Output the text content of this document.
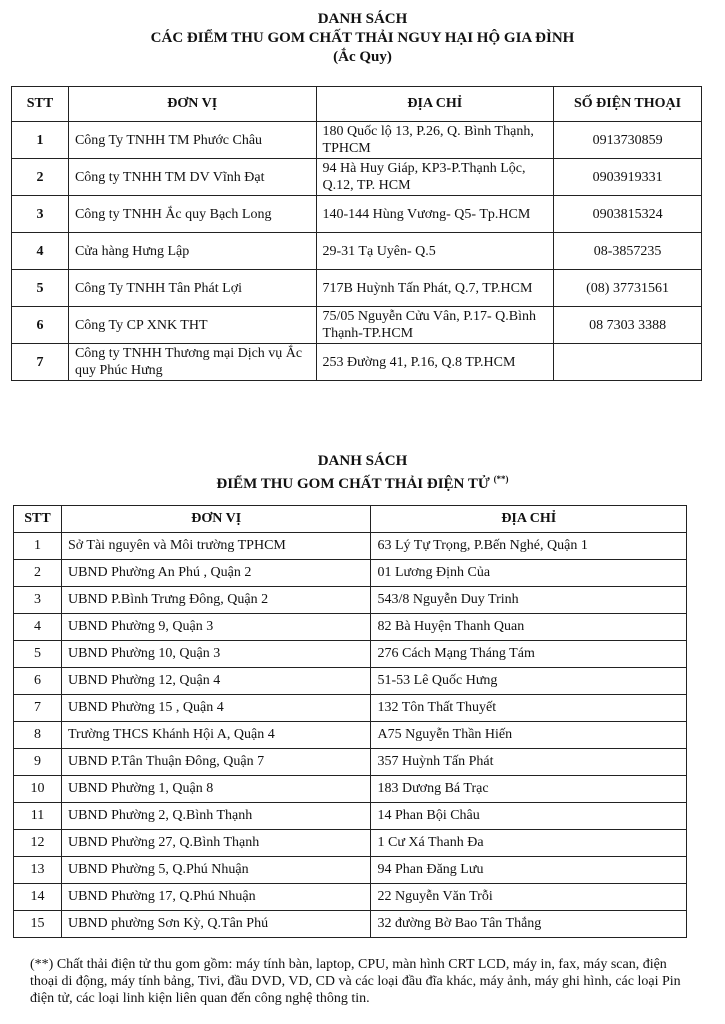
DANH SÁCH
CÁC ĐIỂM THU GOM CHẤT THẢI NGUY HẠI HỘ GIA ĐÌNH
(Ắc Quy)
STT	ĐƠN VỊ	ĐỊA CHỈ	SỐ ĐIỆN THOẠI
1	Công Ty TNHH TM Phước Châu	180 Quốc lộ 13, P.26, Q. Bình Thạnh, TPHCM	0913730859
2	Công ty TNHH TM DV Vĩnh Đạt	94 Hà Huy Giáp, KP3-P.Thạnh Lộc, Q.12, TP. HCM	0903919331
3	Công ty TNHH Ắc quy Bạch Long	140-144 Hùng Vương- Q5- Tp.HCM	0903815324
4	Cửa hàng Hưng Lập	29-31 Tạ Uyên- Q.5	08-3857235
5	Công Ty TNHH Tân Phát Lợi	717B Huỳnh Tấn Phát, Q.7, TP.HCM	(08) 37731561
6	Công Ty CP XNK THT	75/05 Nguyễn Cửu Vân, P.17- Q.Bình Thạnh-TP.HCM	08 7303 3388
7	Công ty TNHH Thương mại Dịch vụ Ắc quy Phúc Hưng	253 Đường 41, P.16, Q.8 TP.HCM	
DANH SÁCH
ĐIỂM THU GOM CHẤT THẢI ĐIỆN TỬ (**)
STT	ĐƠN VỊ	ĐỊA CHỈ
1	Sở Tài nguyên và Môi trường TPHCM	63 Lý Tự Trọng, P.Bến Nghé, Quận 1
2	UBND Phường An Phú , Quận 2	01 Lương Định Của
3	UBND P.Bình Trưng Đông, Quận 2	543/8 Nguyễn Duy Trinh
4	UBND Phường 9, Quận 3	82 Bà Huyện Thanh Quan
5	UBND Phường 10, Quận 3	276 Cách Mạng Tháng Tám
6	UBND Phường 12, Quận 4	51-53 Lê Quốc Hưng
7	UBND Phường 15 , Quận 4	132 Tôn Thất Thuyết
8	Trường THCS Khánh Hội A, Quận 4	A75 Nguyễn Thần Hiến
9	UBND P.Tân Thuận Đông, Quận 7	357 Huỳnh Tấn Phát
10	UBND Phường 1, Quận 8	183 Dương Bá Trạc
11	UBND Phường 2, Q.Bình Thạnh	14 Phan Bội Châu
12	UBND Phường 27, Q.Bình Thạnh	1 Cư Xá Thanh Đa
13	UBND Phường 5, Q.Phú Nhuận	94 Phan Đăng Lưu
14	UBND Phường 17, Q.Phú Nhuận	22 Nguyễn Văn Trỗi
15	UBND phường Sơn Kỳ, Q.Tân Phú	32 đường Bờ Bao Tân Thắng
(**) Chất thải điện tử thu gom gồm: máy tính bàn, laptop, CPU, màn hình CRT LCD, máy in, fax, máy scan, điện thoại di động, máy tính bảng, Tivi, đầu DVD, VD, CD và các loại đầu đĩa khác, máy ảnh, máy ghi hình, các loại Pin điện tử, các loại linh kiện liên quan đến công nghệ thông tin.
